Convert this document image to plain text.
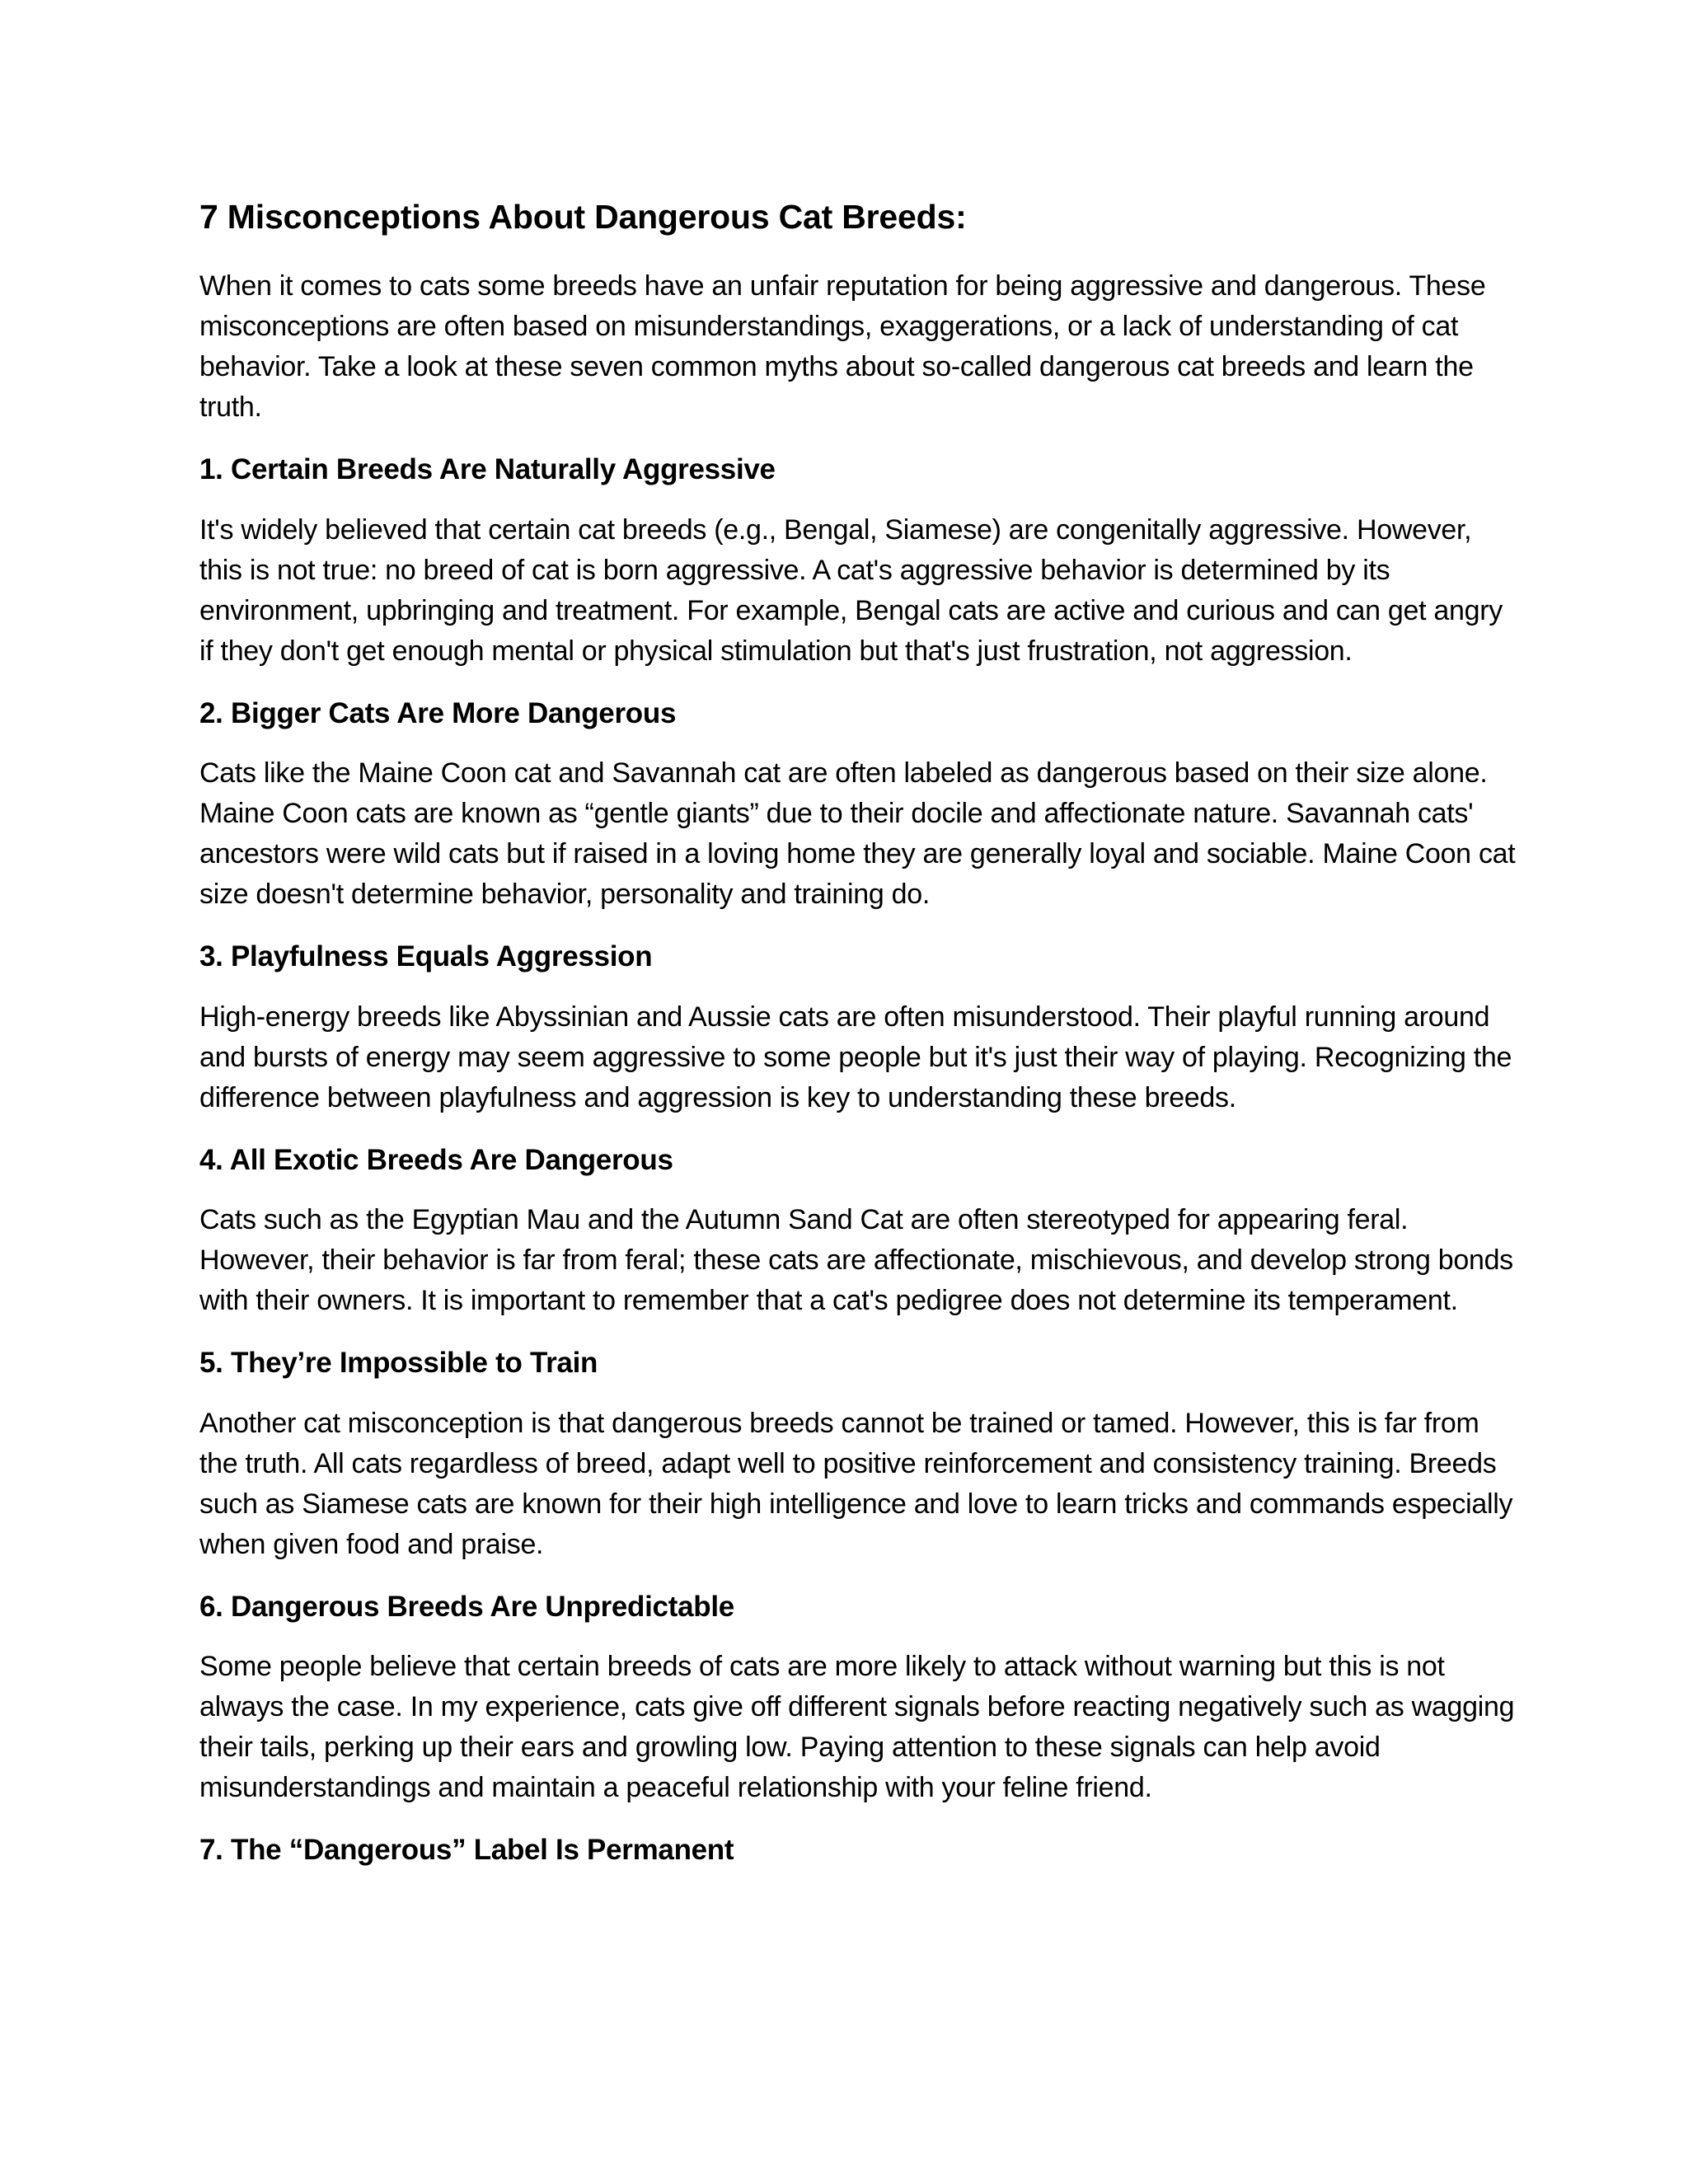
7 Misconceptions About Dangerous Cat Breeds:

When it comes to cats some breeds have an unfair reputation for being aggressive and dangerous. These misconceptions are often based on misunderstandings, exaggerations, or a lack of understanding of cat behavior. Take a look at these seven common myths about so-called dangerous cat breeds and learn the truth.

1. Certain Breeds Are Naturally Aggressive

It's widely believed that certain cat breeds (e.g., Bengal, Siamese) are congenitally aggressive. However, this is not true: no breed of cat is born aggressive. A cat's aggressive behavior is determined by its environment, upbringing and treatment. For example, Bengal cats are active and curious and can get angry if they don't get enough mental or physical stimulation but that's just frustration, not aggression.

2. Bigger Cats Are More Dangerous

Cats like the Maine Coon cat and Savannah cat are often labeled as dangerous based on their size alone. Maine Coon cats are known as “gentle giants” due to their docile and affectionate nature. Savannah cats' ancestors were wild cats but if raised in a loving home they are generally loyal and sociable. Maine Coon cat size doesn't determine behavior, personality and training do.

3. Playfulness Equals Aggression

High-energy breeds like Abyssinian and Aussie cats are often misunderstood. Their playful running around and bursts of energy may seem aggressive to some people but it's just their way of playing. Recognizing the difference between playfulness and aggression is key to understanding these breeds.

4. All Exotic Breeds Are Dangerous

Cats such as the Egyptian Mau and the Autumn Sand Cat are often stereotyped for appearing feral. However, their behavior is far from feral; these cats are affectionate, mischievous, and develop strong bonds with their owners. It is important to remember that a cat's pedigree does not determine its temperament.

5. They’re Impossible to Train

Another cat misconception is that dangerous breeds cannot be trained or tamed. However, this is far from the truth. All cats regardless of breed, adapt well to positive reinforcement and consistency training. Breeds such as Siamese cats are known for their high intelligence and love to learn tricks and commands especially when given food and praise.

6. Dangerous Breeds Are Unpredictable

Some people believe that certain breeds of cats are more likely to attack without warning but this is not always the case. In my experience, cats give off different signals before reacting negatively such as wagging their tails, perking up their ears and growling low. Paying attention to these signals can help avoid misunderstandings and maintain a peaceful relationship with your feline friend.

7. The “Dangerous” Label Is Permanent
